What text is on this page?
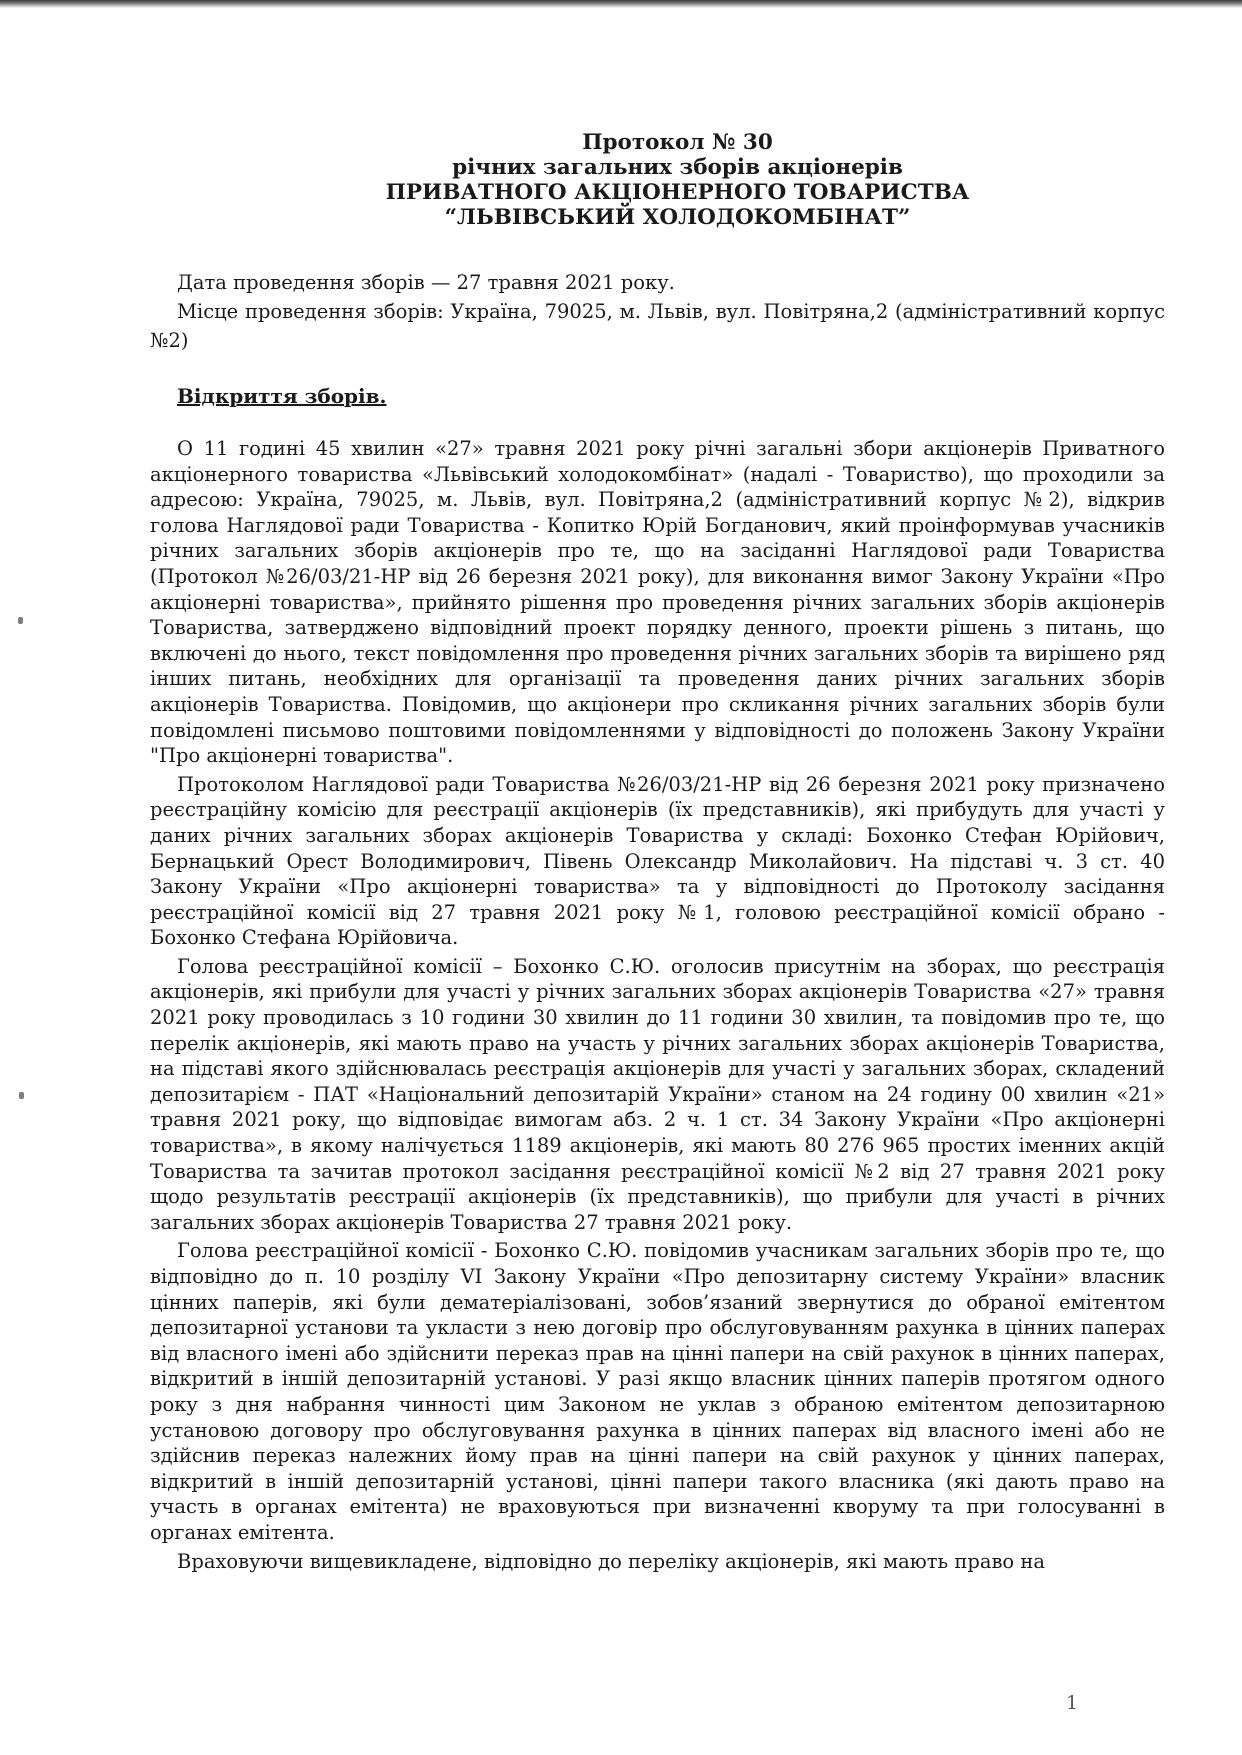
Протокол № 30
річних загальних зборів акціонерів
ПРИВАТНОГО АКЦІОНЕРНОГО ТОВАРИСТВА
“ЛЬВІВСЬКИЙ ХОЛОДОКОМБІНАТ”

Дата проведення зборів — 27 травня 2021 року.

Місце проведення зборів: Україна, 79025, м. Львів, вул. Повітряна,2 (адміністративний корпус №2)

Відкриття зборів.

О 11 годині 45 хвилин «27» травня 2021 року річні загальні збори акціонерів Приватного акціонерного товариства «Львівський холодокомбінат» (надалі - Товариство), що проходили за адресою: Україна, 79025, м. Львів, вул. Повітряна,2 (адміністративний корпус №2), відкрив голова Наглядової ради Товариства - Копитко Юрій Богданович, який проінформував учасників річних загальних зборів акціонерів про те, що на засіданні Наглядової ради Товариства (Протокол №26/03/21-НР від 26 березня 2021 року), для виконання вимог Закону України «Про акціонерні товариства», прийнято рішення про проведення річних загальних зборів акціонерів Товариства, затверджено відповідний проект порядку денного, проекти рішень з питань, що включені до нього, текст повідомлення про проведення річних загальних зборів та вирішено ряд інших питань, необхідних для організації та проведення даних річних загальних зборів акціонерів Товариства. Повідомив, що акціонери про скликання річних загальних зборів були повідомлені письмово поштовими повідомленнями у відповідності до положень Закону України "Про акціонерні товариства".

Протоколом Наглядової ради Товариства №26/03/21-НР від 26 березня 2021 року призначено реєстраційну комісію для реєстрації акціонерів (їх представників), які прибудуть для участі у даних річних загальних зборах акціонерів Товариства у складі: Бохонко Стефан Юрійович, Бернацький Орест Володимирович, Півень Олександр Миколайович. На підставі ч. 3 ст. 40 Закону України «Про акціонерні товариства» та у відповідності до Протоколу засідання реєстраційної комісії від 27 травня 2021 року №1, головою реєстраційної комісії обрано - Бохонко Стефана Юрійовича.

Голова реєстраційної комісії – Бохонко С.Ю. оголосив присутнім на зборах, що реєстрація акціонерів, які прибули для участі у річних загальних зборах акціонерів Товариства «27» травня 2021 року проводилась з 10 години 30 хвилин до 11 години 30 хвилин, та повідомив про те, що перелік акціонерів, які мають право на участь у річних загальних зборах акціонерів Товариства, на підставі якого здійснювалась реєстрація акціонерів для участі у загальних зборах, складений депозитарієм - ПАТ «Національний депозитарій України» станом на 24 годину 00 хвилин «21» травня 2021 року, що відповідає вимогам абз. 2 ч. 1 ст. 34 Закону України «Про акціонерні товариства», в якому налічується 1189 акціонерів, які мають 80 276 965 простих іменних акцій Товариства та зачитав протокол засідання реєстраційної комісії №2 від 27 травня 2021 року щодо результатів реєстрації акціонерів (їх представників), що прибули для участі в річних загальних зборах акціонерів Товариства 27 травня 2021 року.

Голова реєстраційної комісії - Бохонко С.Ю. повідомив учасникам загальних зборів про те, що відповідно до п. 10 розділу VI Закону України «Про депозитарну систему України» власник цінних паперів, які були дематеріалізовані, зобов’язаний звернутися до обраної емітентом депозитарної установи та укласти з нею договір про обслуговуванням рахунка в цінних паперах від власного імені або здійснити переказ прав на цінні папери на свій рахунок в цінних паперах, відкритий в іншій депозитарній установі. У разі якщо власник цінних паперів протягом одного року з дня набрання чинності цим Законом не уклав з обраною емітентом депозитарною установою договору про обслуговування рахунка в цінних паперах від власного імені або не здійснив переказ належних йому прав на цінні папери на свій рахунок у цінних паперах, відкритий в іншій депозитарній установі, цінні папери такого власника (які дають право на участь в органах емітента) не враховуються при визначенні кворуму та при голосуванні в органах емітента.

Враховуючи вищевикладене, відповідно до переліку акціонерів, які мають право на

1
